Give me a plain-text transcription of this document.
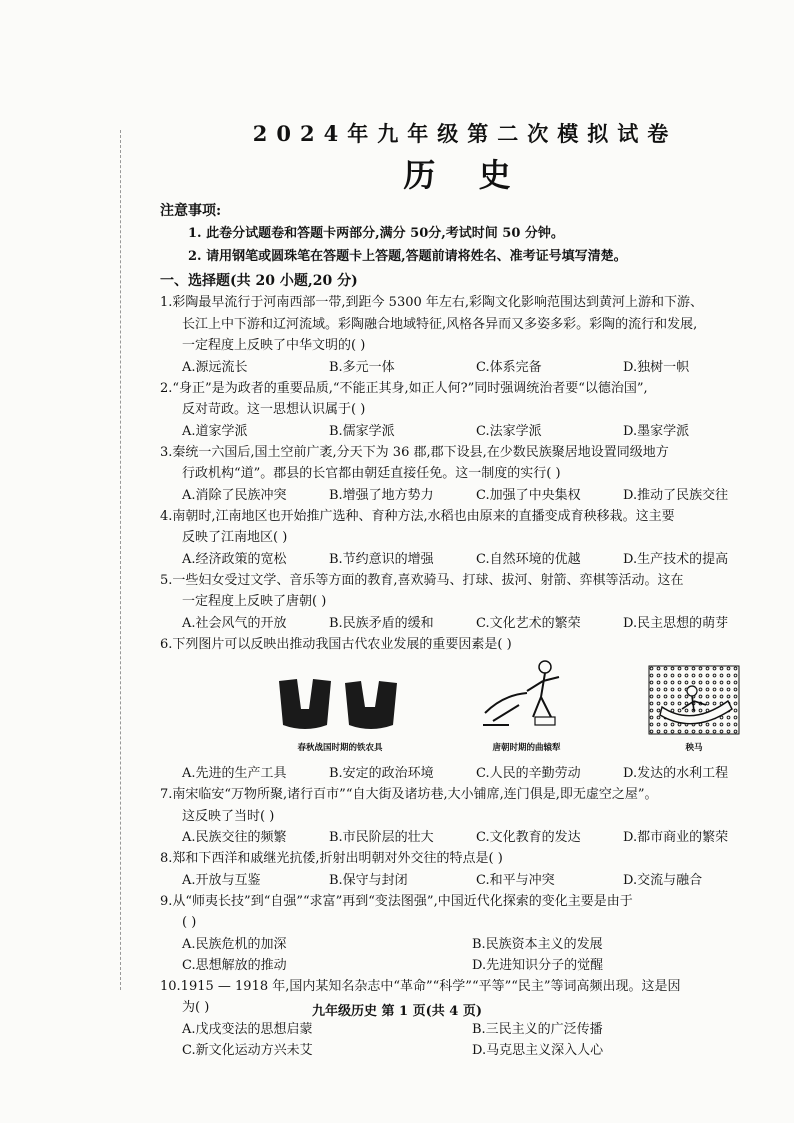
2024年九年级第二次模拟试卷
历 史
注意事项:
1. 此卷分试题卷和答题卡两部分,满分 50分,考试时间 50 分钟。
2. 请用钢笔或圆珠笔在答题卡上答题,答题前请将姓名、准考证号填写清楚。
一、选择题(共 20 小题,20 分)
1.彩陶最早流行于河南西部一带,到距今 5300 年左右,彩陶文化影响范围达到黄河上游和下游、
长江上中下游和辽河流域。彩陶融合地域特征,风格各异而又多姿多彩。彩陶的流行和发展,
一定程度上反映了中华文明的( )
A.源远流长	B.多元一体	C.体系完备	D.独树一帜
2.“身正”是为政者的重要品质,“不能正其身,如正人何?”同时强调统治者要“以德治国”,
反对苛政。这一思想认识属于( )
A.道家学派	B.儒家学派	C.法家学派	D.墨家学派
3.秦统一六国后,国土空前广袤,分天下为 36 郡,郡下设县,在少数民族聚居地设置同级地方
行政机构“道”。郡县的长官都由朝廷直接任免。这一制度的实行( )
A.消除了民族冲突	B.增强了地方势力	C.加强了中央集权	D.推动了民族交往
4.南朝时,江南地区也开始推广选种、育种方法,水稻也由原来的直播变成育秧移栽。这主要
反映了江南地区( )
A.经济政策的宽松	B.节约意识的增强	C.自然环境的优越	D.生产技术的提高
5.一些妇女受过文学、音乐等方面的教育,喜欢骑马、打球、拔河、射箭、弈棋等活动。这在
一定程度上反映了唐朝( )
A.社会风气的开放	B.民族矛盾的缓和	C.文化艺术的繁荣	D.民主思想的萌芽
6.下列图片可以反映出推动我国古代农业发展的重要因素是( )
春秋战国时期的铁农具	唐朝时期的曲辕犁	秧马
A.先进的生产工具	B.安定的政治环境	C.人民的辛勤劳动	D.发达的水利工程
7.南宋临安“万物所聚,诸行百市”“自大街及诸坊巷,大小铺席,连门俱是,即无虚空之屋”。
这反映了当时( )
A.民族交往的频繁	B.市民阶层的壮大	C.文化教育的发达	D.都市商业的繁荣
8.郑和下西洋和戚继光抗倭,折射出明朝对外交往的特点是( )
A.开放与互鉴	B.保守与封闭	C.和平与冲突	D.交流与融合
9.从“师夷长技”到“自强”“求富”再到“变法图强”,中国近代化探索的变化主要是由于
( )
A.民族危机的加深	B.民族资本主义的发展
C.思想解放的推动	D.先进知识分子的觉醒
10.1915 — 1918 年,国内某知名杂志中“革命”“科学”“平等”“民主”等词高频出现。这是因
为( )
A.戊戌变法的思想启蒙	B.三民主义的广泛传播
C.新文化运动方兴未艾	D.马克思主义深入人心
九年级历史 第 1 页(共 4 页)
